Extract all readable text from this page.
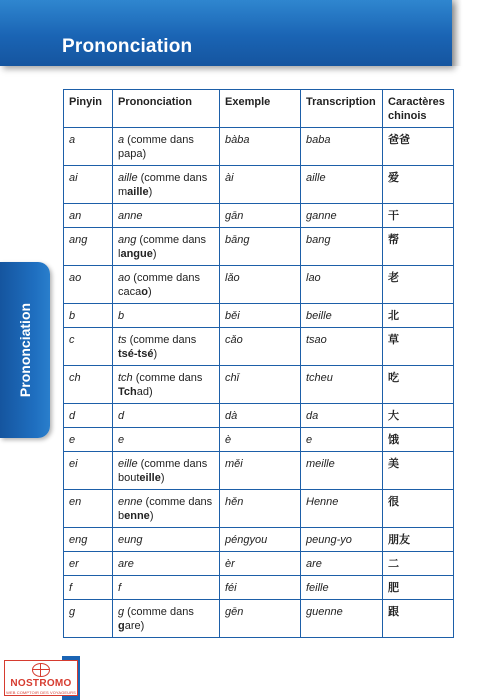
Prononciation
Prononciation
Pinyin	Prononciation	Exemple	Transcription	Caractères chinois
a	a (comme dans papa)	bàba	baba	爸爸
ai	aille (comme dans maille)	ài	aille	爱
an	anne	gān	ganne	干
ang	ang (comme dans langue)	bāng	bang	帮
ao	ao (comme dans cacao)	lǎo	lao	老
b	b	běi	beille	北
c	ts (comme dans tsé-tsé)	cǎo	tsao	草
ch	tch (comme dans Tchad)	chī	tcheu	吃
d	d	dà	da	大
e	e	è	e	饿
ei	eille (comme dans bouteille)	měi	meille	美
en	enne (comme dans benne)	hěn	Henne	很
eng	eung	péngyou	peung-yo	朋友
er	are	èr	are	二
f	f	féi	feille	肥
g	g (comme dans gare)	gēn	guenne	跟
NOSTROMO
WEB COMPTOIR DES VOYAGEURS
